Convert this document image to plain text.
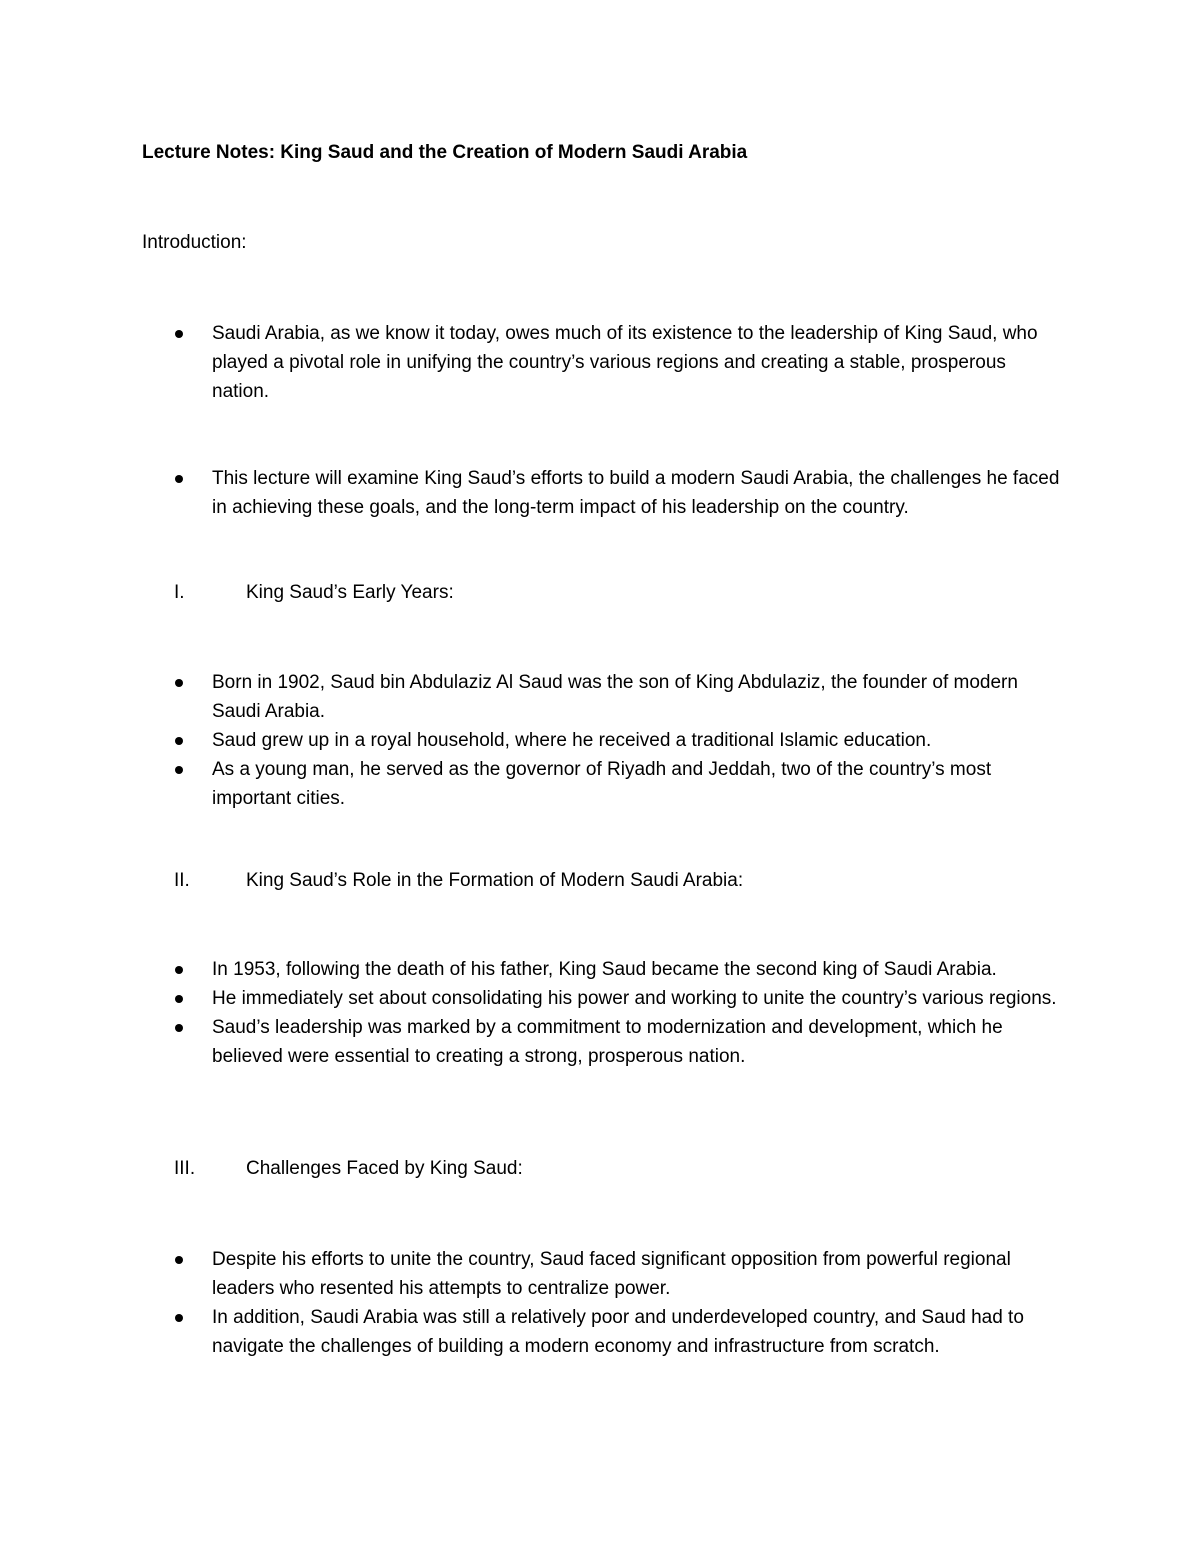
Lecture Notes: King Saud and the Creation of Modern Saudi Arabia
Introduction:
Saudi Arabia, as we know it today, owes much of its existence to the leadership of King Saud, who played a pivotal role in unifying the country’s various regions and creating a stable, prosperous nation.
This lecture will examine King Saud’s efforts to build a modern Saudi Arabia, the challenges he faced in achieving these goals, and the long-term impact of his leadership on the country.
I.	King Saud’s Early Years:
Born in 1902, Saud bin Abdulaziz Al Saud was the son of King Abdulaziz, the founder of modern Saudi Arabia.
Saud grew up in a royal household, where he received a traditional Islamic education.
As a young man, he served as the governor of Riyadh and Jeddah, two of the country’s most important cities.
II.	King Saud’s Role in the Formation of Modern Saudi Arabia:
In 1953, following the death of his father, King Saud became the second king of Saudi Arabia.
He immediately set about consolidating his power and working to unite the country’s various regions.
Saud’s leadership was marked by a commitment to modernization and development, which he believed were essential to creating a strong, prosperous nation.
III.	Challenges Faced by King Saud:
Despite his efforts to unite the country, Saud faced significant opposition from powerful regional leaders who resented his attempts to centralize power.
In addition, Saudi Arabia was still a relatively poor and underdeveloped country, and Saud had to navigate the challenges of building a modern economy and infrastructure from scratch.
